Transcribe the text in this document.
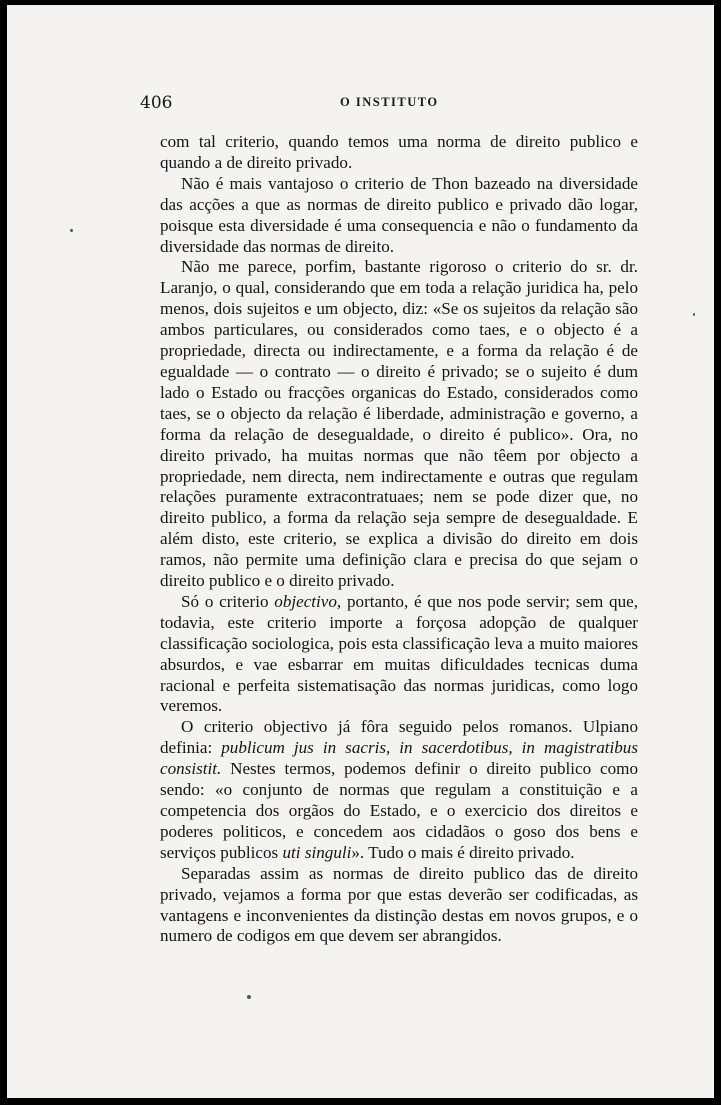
406	O INSTITUTO

com tal criterio, quando temos uma norma de direito publico e quando a de direito privado.

Não é mais vantajoso o criterio de Thon bazeado na diversidade das acções a que as normas de direito publico e privado dão logar, poisque esta diversidade é uma consequencia e não o fundamento da diversidade das normas de direito.

Não me parece, porfim, bastante rigoroso o criterio do sr. dr. Laranjo, o qual, considerando que em toda a relação juridica ha, pelo menos, dois sujeitos e um objecto, diz: «Se os sujeitos da relação são ambos particulares, ou considerados como taes, e o objecto é a propriedade, directa ou indirectamente, e a forma da relação é de egualdade — o contrato — o direito é privado; se o sujeito é dum lado o Estado ou fracções organicas do Estado, considerados como taes, se o objecto da relação é liberdade, administração e governo, a forma da relação de desegualdade, o direito é publico». Ora, no direito privado, ha muitas normas que não têem por objecto a propriedade, nem directa, nem indirectamente e outras que regulam relações puramente extracontratuaes; nem se pode dizer que, no direito publico, a forma da relação seja sempre de desegualdade. E além disto, este criterio, se explica a divisão do direito em dois ramos, não permite uma definição clara e precisa do que sejam o direito publico e o direito privado.

Só o criterio objectivo, portanto, é que nos pode servir; sem que, todavia, este criterio importe a forçosa adopção de qualquer classificação sociologica, pois esta classificação leva a muito maiores absurdos, e vae esbarrar em muitas dificuldades tecnicas duma racional e perfeita sistematisação das normas juridicas, como logo veremos.

O criterio objectivo já fôra seguido pelos romanos. Ulpiano definia: publicum jus in sacris, in sacerdotibus, in magistratibus consistit. Nestes termos, podemos definir o direito publico como sendo: «o conjunto de normas que regulam a constituição e a competencia dos orgãos do Estado, e o exercicio dos direitos e poderes politicos, e concedem aos cidadãos o goso dos bens e serviços publicos uti singuli». Tudo o mais é direito privado.

Separadas assim as normas de direito publico das de direito privado, vejamos a forma por que estas deverão ser codificadas, as vantagens e inconvenientes da distinção destas em novos grupos, e o numero de codigos em que devem ser abrangidos.
